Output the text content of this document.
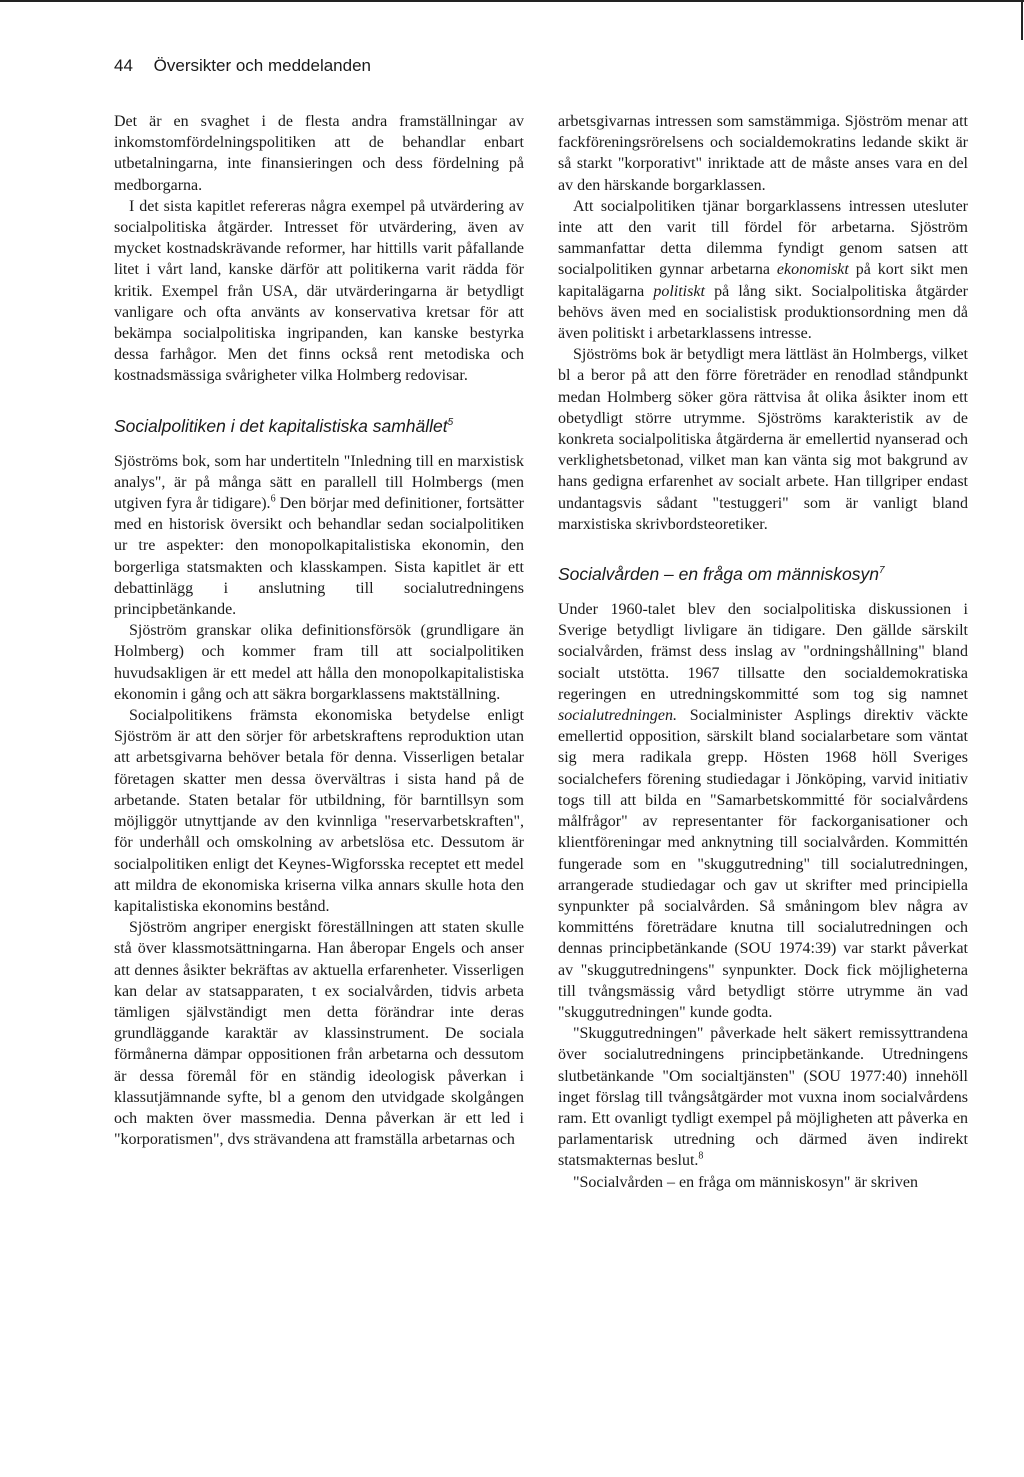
44 Översikter och meddelanden

Det är en svaghet i de flesta andra framställningar av inkomstomfördelningspolitiken att de behandlar enbart utbetalningarna, inte finansieringen och dess fördelning på medborgarna.

I det sista kapitlet refereras några exempel på utvärdering av socialpolitiska åtgärder. Intresset för utvärdering, även av mycket kostnadskrävande reformer, har hittills varit påfallande litet i vårt land, kanske därför att politikerna varit rädda för kritik. Exempel från USA, där utvärderingarna är betydligt vanligare och ofta använts av konservativa kretsar för att bekämpa socialpolitiska ingripanden, kan kanske bestyrka dessa farhågor. Men det finns också rent metodiska och kostnadsmässiga svårigheter vilka Holmberg redovisar.

Socialpolitiken i det kapitalistiska samhället$^5$

Sjöströms bok, som har undertiteln "Inledning till en marxistisk analys", är på många sätt en parallell till Holmbergs (men utgiven fyra år tidigare).$^6$ Den börjar med definitioner, fortsätter med en historisk översikt och behandlar sedan socialpolitiken ur tre aspekter: den monopolkapitalistiska ekonomin, den borgerliga statsmakten och klasskampen. Sista kapitlet är ett debattinlägg i anslutning till socialutredningens principbetänkande.

Sjöström granskar olika definitionsförsök (grundligare än Holmberg) och kommer fram till att socialpolitiken huvudsakligen är ett medel att hålla den monopolkapitalistiska ekonomin i gång och att säkra borgarklassens maktställning.

Socialpolitikens främsta ekonomiska betydelse enligt Sjöström är att den sörjer för arbetskraftens reproduktion utan att arbetsgivarna behöver betala för denna. Visserligen betalar företagen skatter men dessa övervältras i sista hand på de arbetande. Staten betalar för utbildning, för barntillsyn som möjliggör utnyttjande av den kvinnliga "reservarbetskraften", för underhåll och omskolning av arbetslösa etc. Dessutom är socialpolitiken enligt det Keynes-Wigforsska receptet ett medel att mildra de ekonomiska kriserna vilka annars skulle hota den kapitalistiska ekonomins bestånd.

Sjöström angriper energiskt föreställningen att staten skulle stå över klassmotsättningarna. Han åberopar Engels och anser att dennes åsikter bekräftas av aktuella erfarenheter. Visserligen kan delar av statsapparaten, t ex socialvården, tidvis arbeta tämligen självständigt men detta förändrar inte deras grundläggande karaktär av klassinstrument. De sociala förmånerna dämpar oppositionen från arbetarna och dessutom är dessa föremål för en ständig ideologisk påverkan i klassutjämnande syfte, bl a genom den utvidgade skolgången och makten över massmedia. Denna påverkan är ett led i "korporatismen", dvs strävandena att framställa arbetarnas och

arbetsgivarnas intressen som samstämmiga. Sjöström menar att fackföreningsrörelsens och socialdemokratins ledande skikt är så starkt "korporativt" inriktade att de måste anses vara en del av den härskande borgarklassen.

Att socialpolitiken tjänar borgarklassens intressen utesluter inte att den varit till fördel för arbetarna. Sjöström sammanfattar detta dilemma fyndigt genom satsen att socialpolitiken gynnar arbetarna ekonomiskt på kort sikt men kapitalägarna politiskt på lång sikt. Socialpolitiska åtgärder behövs även med en socialistisk produktionsordning men då även politiskt i arbetarklassens intresse.

Sjöströms bok är betydligt mera lättläst än Holmbergs, vilket bl a beror på att den förre företräder en renodlad ståndpunkt medan Holmberg söker göra rättvisa åt olika åsikter inom ett obetydligt större utrymme. Sjöströms karakteristik av de konkreta socialpolitiska åtgärderna är emellertid nyanserad och verklighetsbetonad, vilket man kan vänta sig mot bakgrund av hans gedigna erfarenhet av socialt arbete. Han tillgriper endast undantagsvis sådant "testuggeri" som är vanligt bland marxistiska skrivbordsteoretiker.

Socialvården – en fråga om människosyn$^7$

Under 1960-talet blev den socialpolitiska diskussionen i Sverige betydligt livligare än tidigare. Den gällde särskilt socialvården, främst dess inslag av "ordningshållning" bland socialt utstötta. 1967 tillsatte den socialdemokratiska regeringen en utredningskommitté som tog sig namnet socialutredningen. Socialminister Asplings direktiv väckte emellertid opposition, särskilt bland socialarbetare som väntat sig mera radikala grepp. Hösten 1968 höll Sveriges socialchefers förening studiedagar i Jönköping, varvid initiativ togs till att bilda en "Samarbetskommitté för socialvårdens målfrågor" av representanter för fackorganisationer och klientföreningar med anknytning till socialvården. Kommittén fungerade som en "skuggutredning" till socialutredningen, arrangerade studiedagar och gav ut skrifter med principiella synpunkter på socialvården. Så småningom blev några av kommitténs företrädare knutna till socialutredningen och dennas principbetänkande (SOU 1974:39) var starkt påverkat av "skuggutredningens" synpunkter. Dock fick möjligheterna till tvångsmässig vård betydligt större utrymme än vad "skuggutredningen" kunde godta.

"Skuggutredningen" påverkade helt säkert remissyttrandena över socialutredningens principbetänkande. Utredningens slutbetänkande "Om socialtjänsten" (SOU 1977:40) innehöll inget förslag till tvångsåtgärder mot vuxna inom socialvårdens ram. Ett ovanligt tydligt exempel på möjligheten att påverka en parlamentarisk utredning och därmed även indirekt statsmakternas beslut.$^8$

"Socialvården – en fråga om människosyn" är skriven
